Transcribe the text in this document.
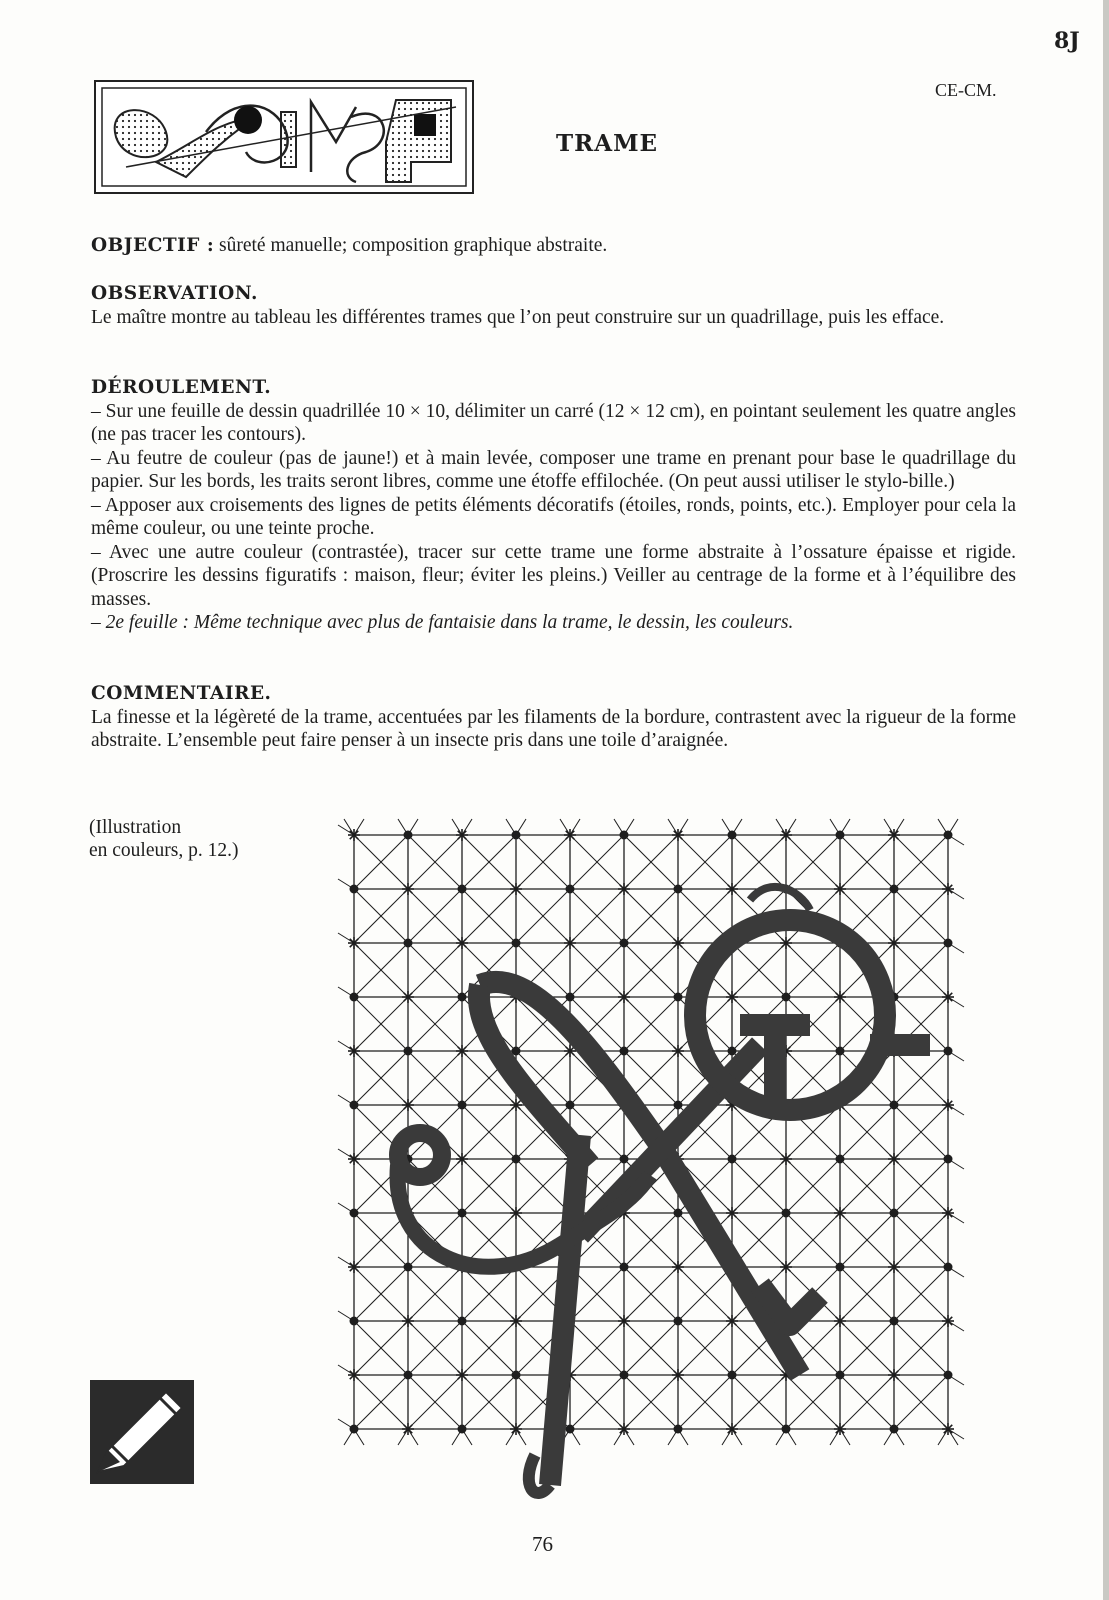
8J
CE-CM.
TRAME

OBJECTIF : sûreté manuelle; composition graphique abstraite.

OBSERVATION.

Le maître montre au tableau les différentes trames que l’on peut construire sur un quadrillage, puis les efface.

DÉROULEMENT.

– Sur une feuille de dessin quadrillée 10 × 10, délimiter un carré (12 × 12 cm), en pointant seulement les quatre angles (ne pas tracer les contours).

– Au feutre de couleur (pas de jaune!) et à main levée, composer une trame en prenant pour base le quadrillage du papier. Sur les bords, les traits seront libres, comme une étoffe effilochée. (On peut aussi utiliser le stylo-bille.)

– Apposer aux croisements des lignes de petits éléments décoratifs (étoiles, ronds, points, etc.). Employer pour cela la même couleur, ou une teinte proche.

– Avec une autre couleur (contrastée), tracer sur cette trame une forme abstraite à l’ossature épaisse et rigide. (Proscrire les dessins figuratifs : maison, fleur; éviter les pleins.) Veiller au centrage de la forme et à l’équilibre des masses.

– 2e feuille : Même technique avec plus de fantaisie dans la trame, le dessin, les couleurs.

COMMENTAIRE.

La finesse et la légèreté de la trame, accentuées par les filaments de la bordure, contrastent avec la rigueur de la forme abstraite. L’ensemble peut faire penser à un insecte pris dans une toile d’araignée.

(Illustration
en couleurs, p. 12.)
76
